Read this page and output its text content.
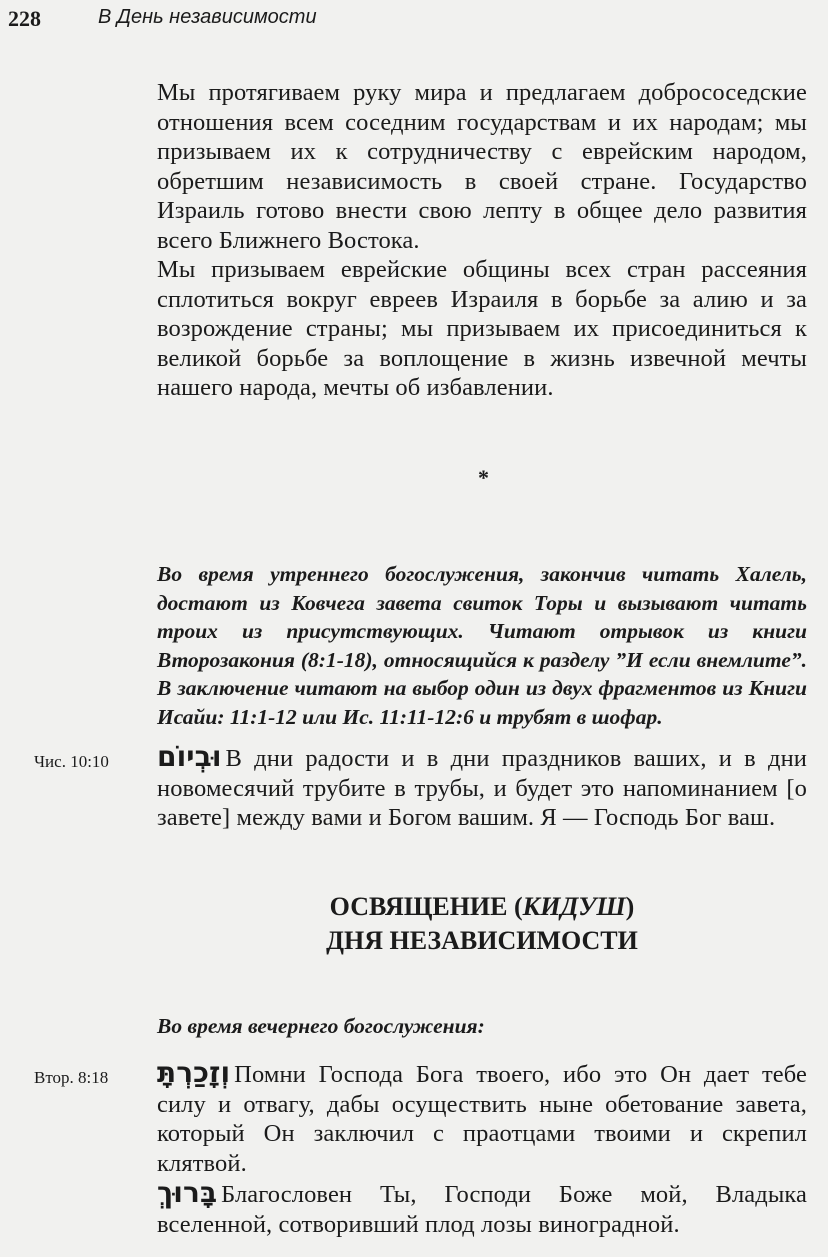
228	В День независимости

Мы протягиваем руку мира и предлагаем добрососедские отношения всем соседним государствам и их народам; мы призываем их к сотрудничеству с еврейским народом, обретшим независимость в своей стране. Государство Израиль готово внести свою лепту в общее дело развития всего Ближнего Востока.

Мы призываем еврейские общины всех стран рассеяния сплотиться вокруг евреев Израиля в борьбе за алию и за возрождение страны; мы призываем их присоединиться к великой борьбе за воплощение в жизнь извечной мечты нашего народа, мечты об избавлении.

*

Во время утреннего богослужения, закончив читать Халель, достают из Ковчега завета свиток Торы и вызывают читать троих из присутствующих. Читают отрывок из книги Второзакония (8:1-18), относящийся к разделу ”И если внемлите”. В заключение читают на выбор один из двух фрагментов из Книги Исайи: 11:1-12 или Ис. 11:11-12:6 и трубят в шофар.

Чис. 10:10 וּבְיוֹם В дни радости и в дни праздников ваших, и в дни новомесячий трубите в трубы, и будет это напоминанием [о завете] между вами и Богом вашим. Я — Господь Бог ваш.

ОСВЯЩЕНИЕ (КИДУШ)
ДНЯ НЕЗАВИСИМОСТИ

Во время вечернего богослужения:

Втор. 8:18 וְזָכַרְתָּ Помни Господа Бога твоего, ибо это Он дает тебе силу и отвагу, дабы осуществить ныне обетование завета, который Он заключил с праотцами твоими и скрепил клятвой.

בָּרוּךְ Благословен Ты, Господи Боже мой, Владыка вселенной, сотворивший плод лозы виноградной.
